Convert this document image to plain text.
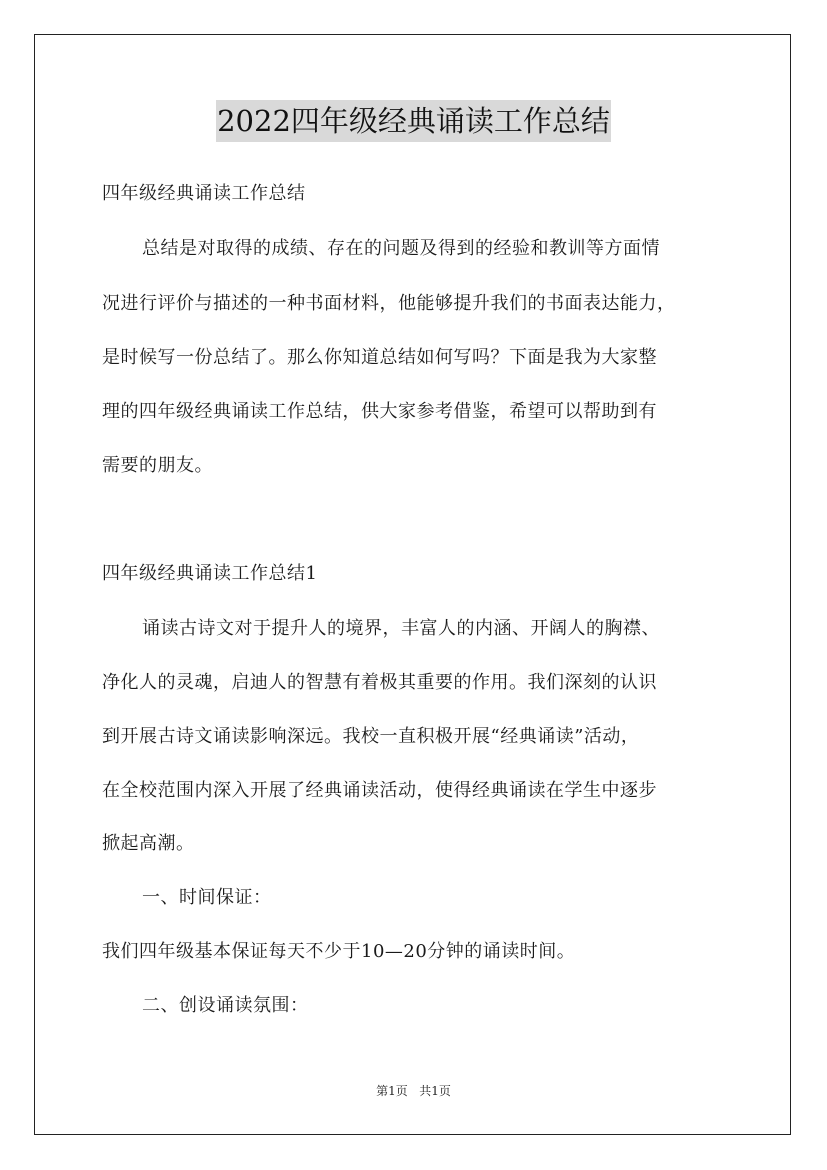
2022四年级经典诵读工作总结
四年级经典诵读工作总结
总结是对取得的成绩、存在的问题及得到的经验和教训等方面情
况进行评价与描述的一种书面材料，他能够提升我们的书面表达能力，
是时候写一份总结了。那么你知道总结如何写吗？下面是我为大家整
理的四年级经典诵读工作总结，供大家参考借鉴，希望可以帮助到有
需要的朋友。
四年级经典诵读工作总结1
诵读古诗文对于提升人的境界，丰富人的内涵、开阔人的胸襟、
净化人的灵魂，启迪人的智慧有着极其重要的作用。我们深刻的认识
到开展古诗文诵读影响深远。我校一直积极开展“经典诵读”活动，
在全校范围内深入开展了经典诵读活动，使得经典诵读在学生中逐步
掀起高潮。
一、时间保证：
我们四年级基本保证每天不少于10—20分钟的诵读时间。
二、创设诵读氛围：
第1页 共1页
